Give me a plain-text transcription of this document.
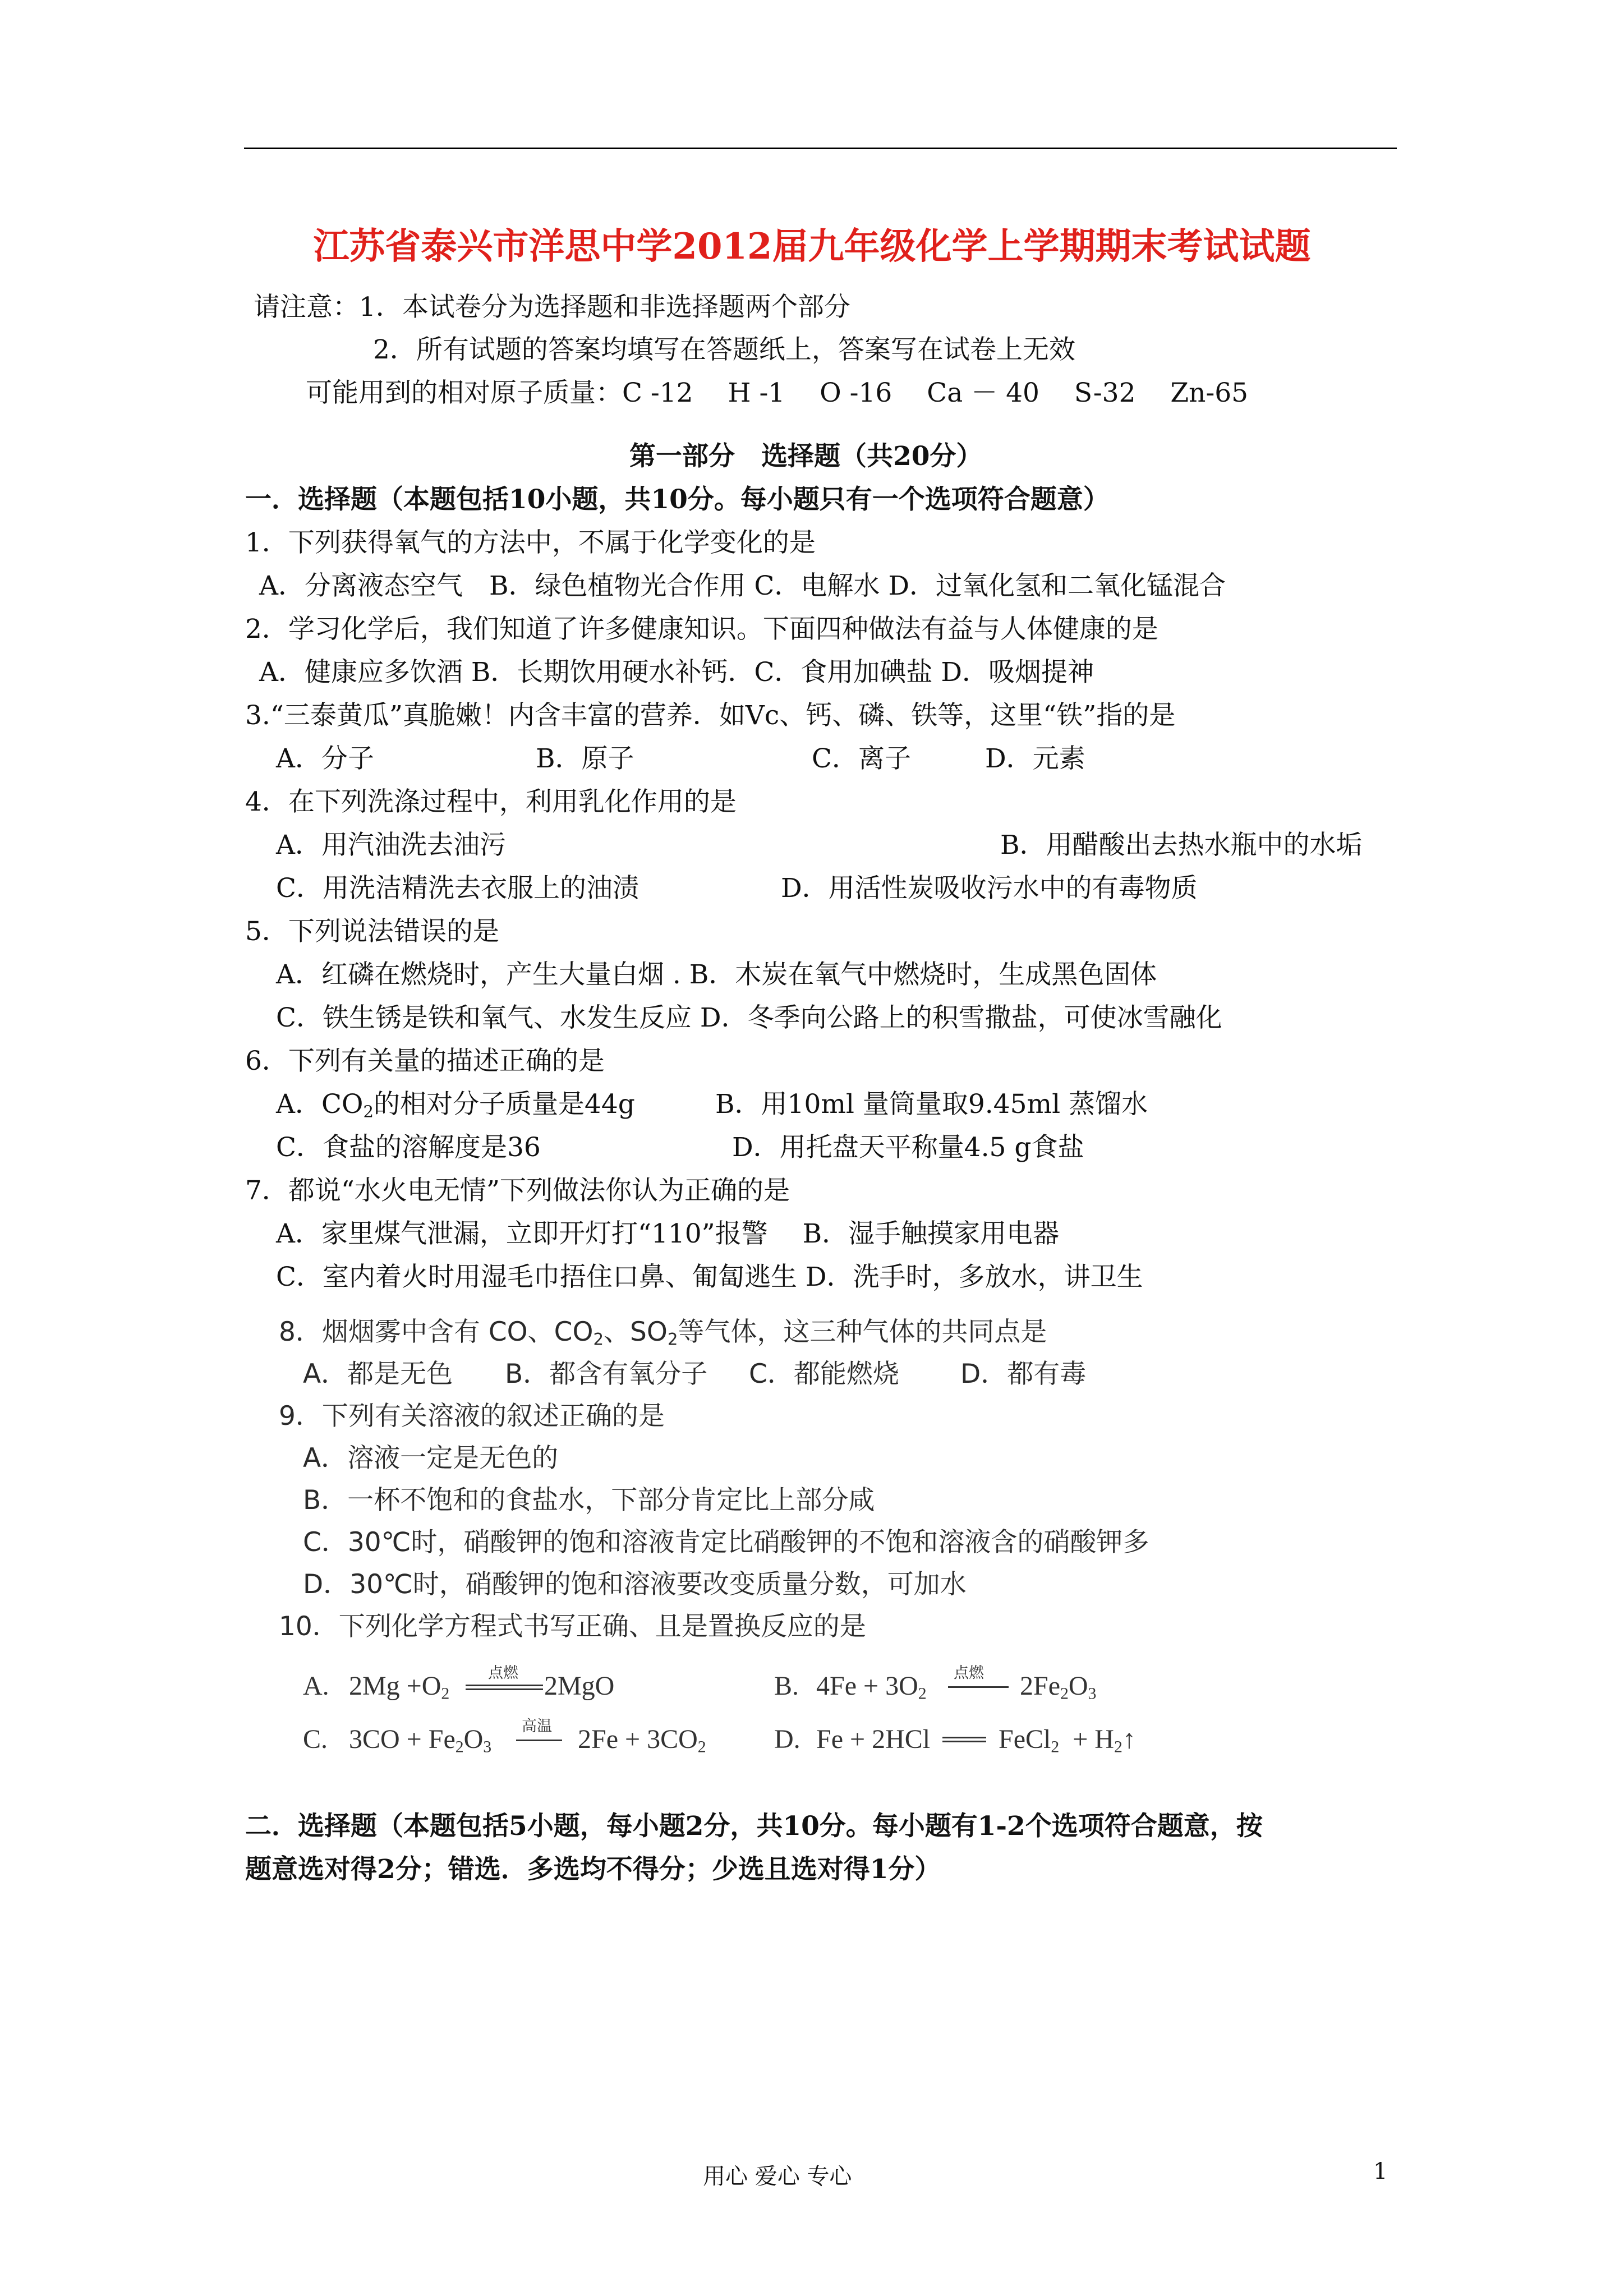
江苏省泰兴市洋思中学2012届九年级化学上学期期末考试试题
请注意：1．本试卷分为选择题和非选择题两个部分
2．所有试题的答案均填写在答题纸上，答案写在试卷上无效
可能用到的相对原子质量：C -12　 H -1　 O -16　 Ca － 40　 S-32　 Zn-65
第一部分　选择题（共20分）
一．选择题（本题包括10小题，共10分。每小题只有一个选项符合题意）
1．下列获得氧气的方法中，不属于化学变化的是
A．分离液态空气　B．绿色植物光合作用 C．电解水 D．过氧化氢和二氧化锰混合
2．学习化学后，我们知道了许多健康知识。下面四种做法有益与人体健康的是
A．健康应多饮酒 B．长期饮用硬水补钙．C．食用加碘盐 D．吸烟提神
3.“三泰黄瓜”真脆嫩！内含丰富的营养．如Vc、钙、磷、铁等，这里“铁”指的是
A．分子	B．原子	C．离子	D．元素
4．在下列洗涤过程中，利用乳化作用的是
A．用汽油洗去油污	B．用醋酸出去热水瓶中的水垢
C．用洗洁精洗去衣服上的油渍	D．用活性炭吸收污水中的有毒物质
5．下列说法错误的是
A．红磷在燃烧时，产生大量白烟 . B．木炭在氧气中燃烧时，生成黑色固体
C．铁生锈是铁和氧气、水发生反应 D．冬季向公路上的积雪撒盐，可使冰雪融化
6．下列有关量的描述正确的是
A．$CO_2$的相对分子质量是44g	B．用10ml 量筒量取9.45ml 蒸馏水
C．食盐的溶解度是36	D．用托盘天平称量4.5 g食盐
7．都说“水火电无情”下列做法你认为正确的是
A．家里煤气泄漏，立即开灯打“110”报警　 B．湿手触摸家用电器
C．室内着火时用湿毛巾捂住口鼻、匍匐逃生 D．洗手时，多放水，讲卫生
8．烟烟雾中含有 CO、$CO_2$、$SO_2$等气体，这三种气体的共同点是
A．都是无色 B．都含有氧分子 C．都能燃烧 D．都有毒
9．下列有关溶液的叙述正确的是
A．溶液一定是无色的
B．一杯不饱和的食盐水，下部分肯定比上部分咸
C．30℃时，硝酸钾的饱和溶液肯定比硝酸钾的不饱和溶液含的硝酸钾多
D．30℃时，硝酸钾的饱和溶液要改变质量分数，可加水
10．下列化学方程式书写正确、且是置换反应的是
A. $2Mg +O_2$
点燃 2MgO	B. $4Fe + 3O_2$
点燃 $2Fe_2O_3$
C. $3CO + Fe_2O_3$
高温 $2Fe + 3CO_2$	D. Fe + 2HCl	FeCl$_2$ + $H_2↑$
二．选择题（本题包括5小题，每小题2分，共10分。每小题有1-2个选项符合题意，按
题意选对得2分；错选．多选均不得分；少选且选对得1分）
用心 爱心 专心	1
